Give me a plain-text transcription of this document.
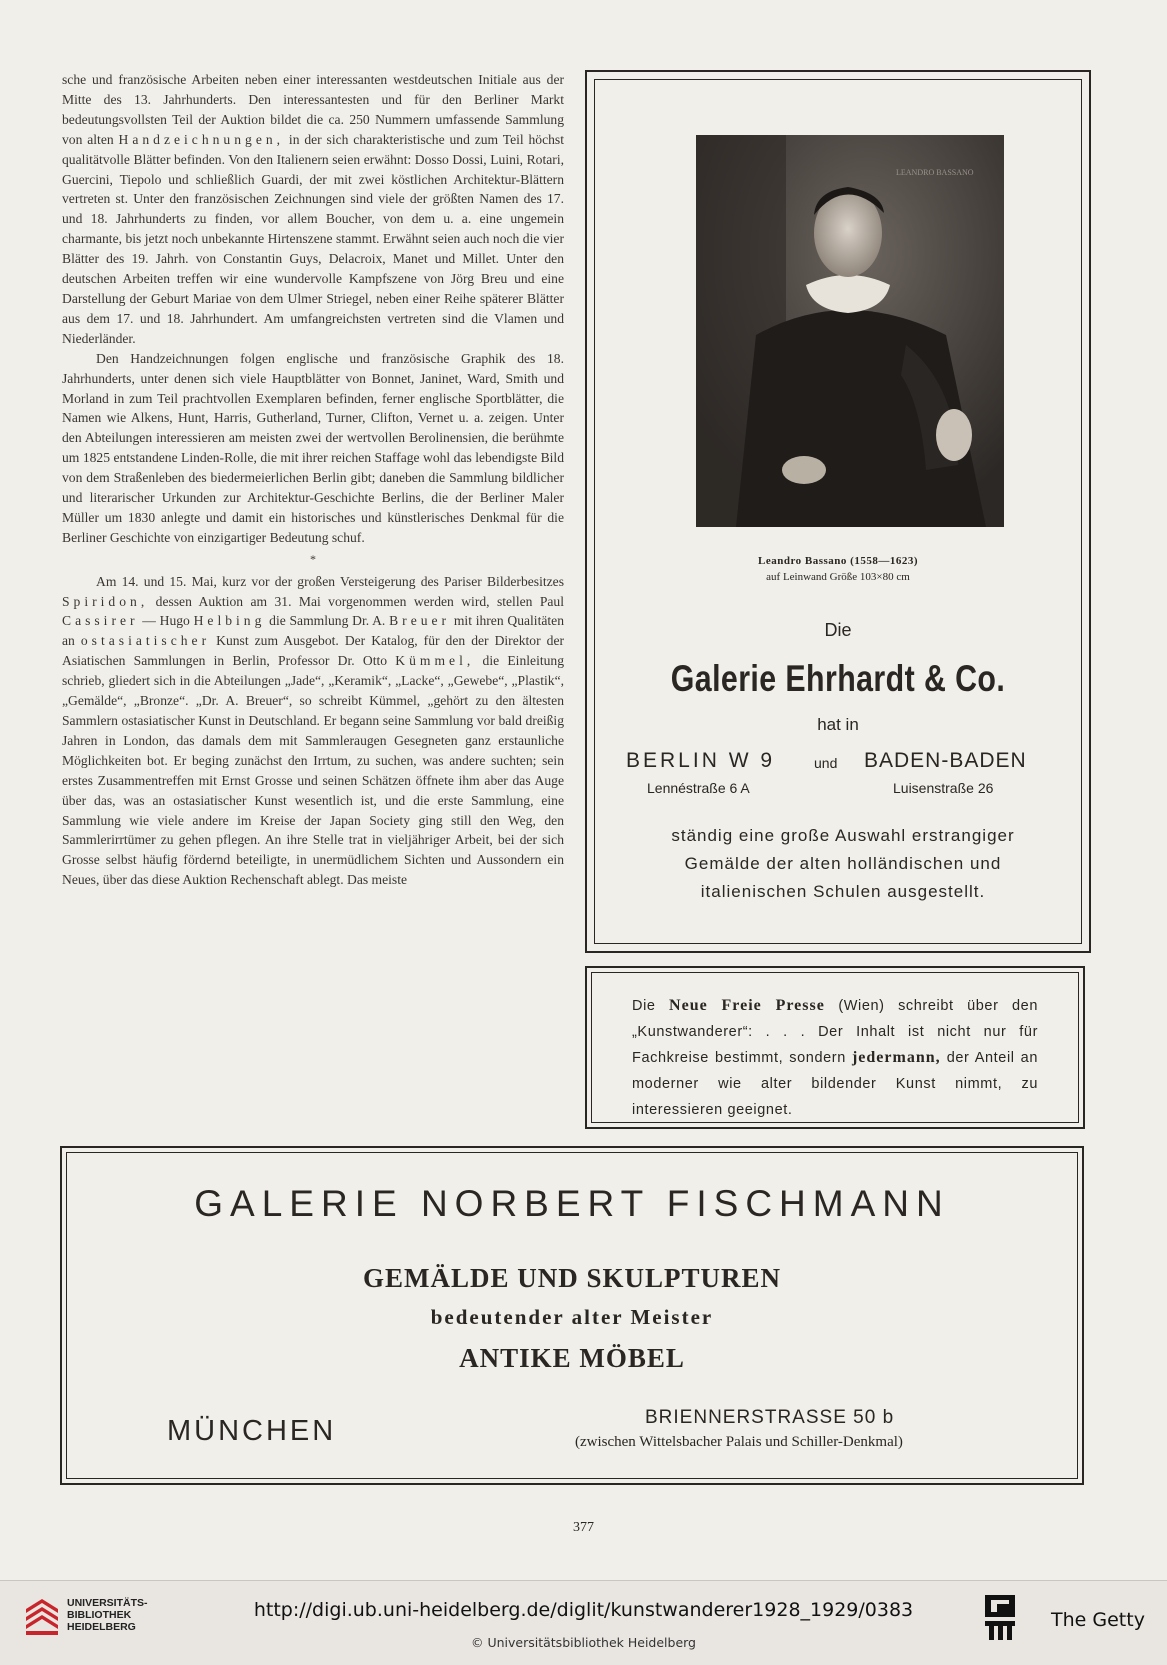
sche und französische Arbeiten neben einer interessanten westdeutschen Initiale aus der Mitte des 13. Jahrhunderts. Den interessantesten und für den Berliner Markt bedeutungsvollsten Teil der Auktion bildet die ca. 250 Nummern umfassende Sammlung von alten Handzeichnungen, in der sich charakteristische und zum Teil höchst qualitätvolle Blätter befinden. Von den Italienern seien erwähnt: Dosso Dossi, Luini, Rotari, Guercini, Tiepolo und schließlich Guardi, der mit zwei köstlichen Architektur-Blättern vertreten st. Unter den französischen Zeichnungen sind viele der größten Namen des 17. und 18. Jahrhunderts zu finden, vor allem Boucher, von dem u. a. eine ungemein charmante, bis jetzt noch unbekannte Hirtenszene stammt. Erwähnt seien auch noch die vier Blätter des 19. Jahrh. von Constantin Guys, Delacroix, Manet und Millet. Unter den deutschen Arbeiten treffen wir eine wundervolle Kampfszene von Jörg Breu und eine Darstellung der Geburt Mariae von dem Ulmer Striegel, neben einer Reihe späterer Blätter aus dem 17. und 18. Jahrhundert. Am umfangreichsten vertreten sind die Vlamen und Niederländer.

Den Handzeichnungen folgen englische und französische Graphik des 18. Jahrhunderts, unter denen sich viele Hauptblätter von Bonnet, Janinet, Ward, Smith und Morland in zum Teil prachtvollen Exemplaren befinden, ferner englische Sportblätter, die Namen wie Alkens, Hunt, Harris, Gutherland, Turner, Clifton, Vernet u. a. zeigen. Unter den Abteilungen interessieren am meisten zwei der wertvollen Berolinensien, die berühmte um 1825 entstandene Linden-Rolle, die mit ihrer reichen Staffage wohl das lebendigste Bild von dem Straßenleben des biedermeierlichen Berlin gibt; daneben die Sammlung bildlicher und literarischer Urkunden zur Architektur-Geschichte Berlins, die der Berliner Maler Müller um 1830 anlegte und damit ein historisches und künstlerisches Denkmal für die Berliner Geschichte von einzigartiger Bedeutung schuf.

*

Am 14. und 15. Mai, kurz vor der großen Versteigerung des Pariser Bilderbesitzes Spiridon, dessen Auktion am 31. Mai vorgenommen werden wird, stellen Paul Cassirer — Hugo Helbing die Sammlung Dr. A. Breuer mit ihren Qualitäten an ostasiatischer Kunst zum Ausgebot. Der Katalog, für den der Direktor der Asiatischen Sammlungen in Berlin, Professor Dr. Otto Kümmel, die Einleitung schrieb, gliedert sich in die Abteilungen „Jade“, „Keramik“, „Lacke“, „Gewebe“, „Plastik“, „Gemälde“, „Bronze“. „Dr. A. Breuer“, so schreibt Kümmel, „gehört zu den ältesten Sammlern ostasiatischer Kunst in Deutschland. Er begann seine Sammlung vor bald dreißig Jahren in London, das damals dem mit Sammleraugen Gesegneten ganz erstaunliche Möglichkeiten bot. Er beging zunächst den Irrtum, zu suchen, was andere suchten; sein erstes Zusammentreffen mit Ernst Grosse und seinen Schätzen öffnete ihm aber das Auge über das, was an ostasiatischer Kunst wesentlich ist, und die erste Sammlung, eine Sammlung wie viele andere im Kreise der Japan Society ging still den Weg, den Sammlerirrtümer zu gehen pflegen. An ihre Stelle trat in vieljähriger Arbeit, bei der sich Grosse selbst häufig fördernd beteiligte, in unermüdlichem Sichten und Aussondern ein Neues, über das diese Auktion Rechenschaft ablegt. Das meiste

LEANDRO BASSANO
Leandro Bassano (1558—1623)
auf Leinwand Größe 103×80 cm
Die
Galerie Ehrhardt & Co.
hat in
BERLIN W 9	und BADEN-BADEN
Lennéstraße 6 A	Luisenstraße 26
ständig eine große Auswahl erstrangiger
Gemälde der alten holländischen und
italienischen Schulen ausgestellt.
Die Neue Freie Presse (Wien) schreibt über den „Kunstwanderer“: . . . Der Inhalt ist nicht nur für Fachkreise bestimmt, sondern jedermann, der Anteil an moderner wie alter bildender Kunst nimmt, zu interessieren geeignet.
GALERIE NORBERT FISCHMANN
GEMÄLDE UND SKULPTUREN
bedeutender alter Meister
ANTIKE MÖBEL
MÜNCHEN	BRIENNERSTRASSE 50 b
(zwischen Wittelsbacher Palais und Schiller-Denkmal)
377
UNIVERSITÄTS-
BIBLIOTHEK
HEIDELBERG
http://digi.ub.uni-heidelberg.de/diglit/kunstwanderer1928_1929/0383
© Universitätsbibliothek Heidelberg
The Getty
